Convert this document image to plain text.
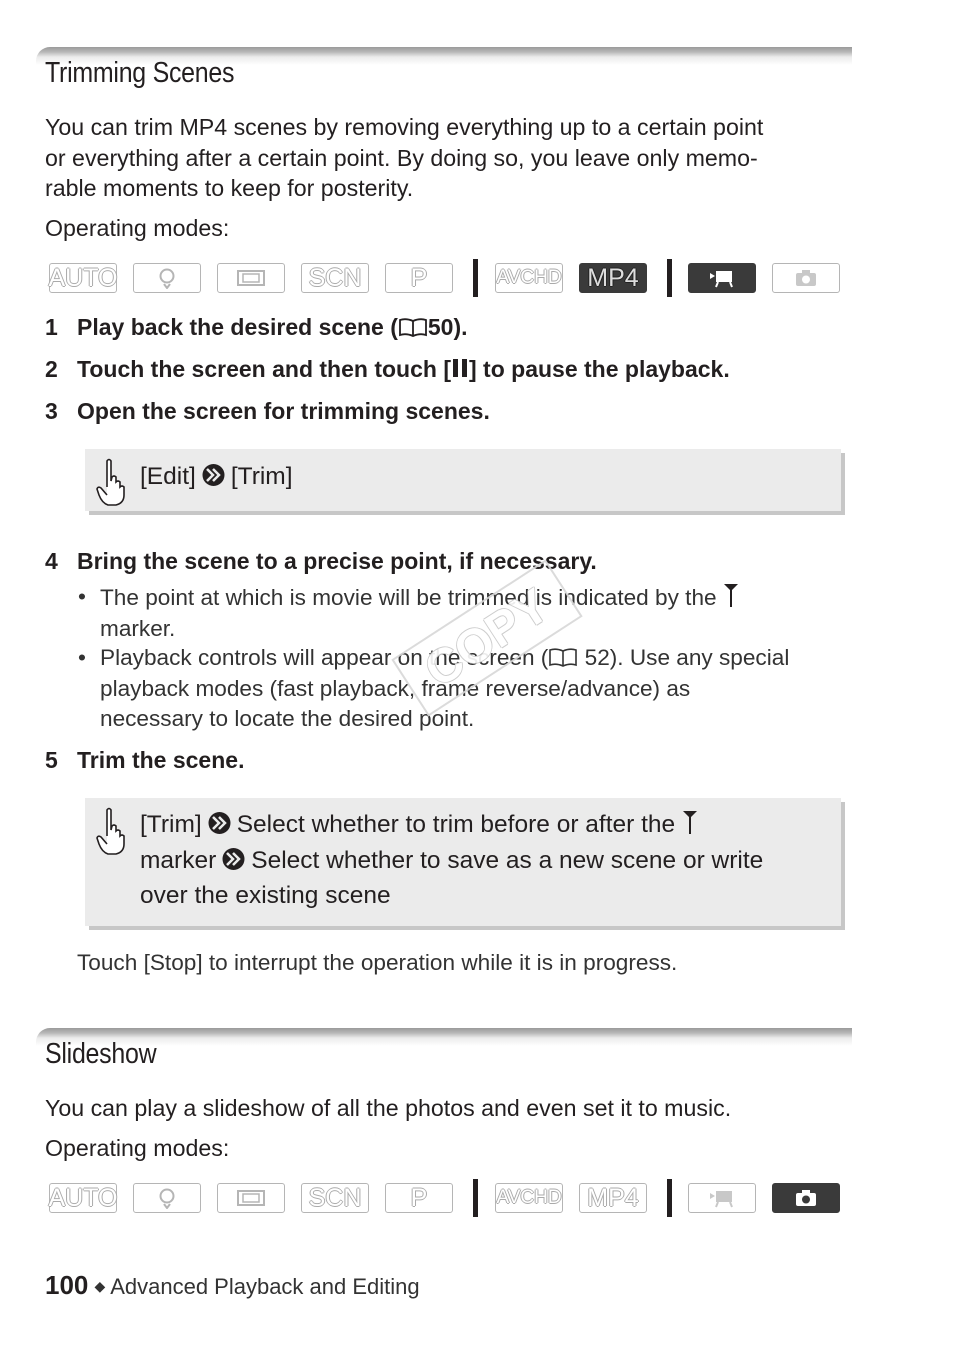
Trimming Scenes
You can trim MP4 scenes by removing everything up to a certain point
or everything after a certain point. By doing so, you leave only memo-
rable moments to keep for posterity.
Operating modes:
AUTO	SCN	P	AVCHD	MP4
1 Play back the desired scene ( 50).
2 Touch the screen and then touch [ ] to pause the playback.
3 Open the screen for trimming scenes.
[Edit] [Trim]
4 Bring the scene to a precise point, if necessary.
• The point at which is movie will be trimmed is indicated by the
marker.
• Playback controls will appear on the screen ( 52). Use any special
playback modes (fast playback, frame reverse/advance) as
necessary to locate the desired point.
COPY
5 Trim the scene.
[Trim] Select whether to trim before or after the
marker Select whether to save as a new scene or write
over the existing scene
Touch [Stop] to interrupt the operation while it is in progress.
Slideshow
You can play a slideshow of all the photos and even set it to music.
Operating modes:
AUTO	SCN	P	AVCHD	MP4
100 ◆ Advanced Playback and Editing
